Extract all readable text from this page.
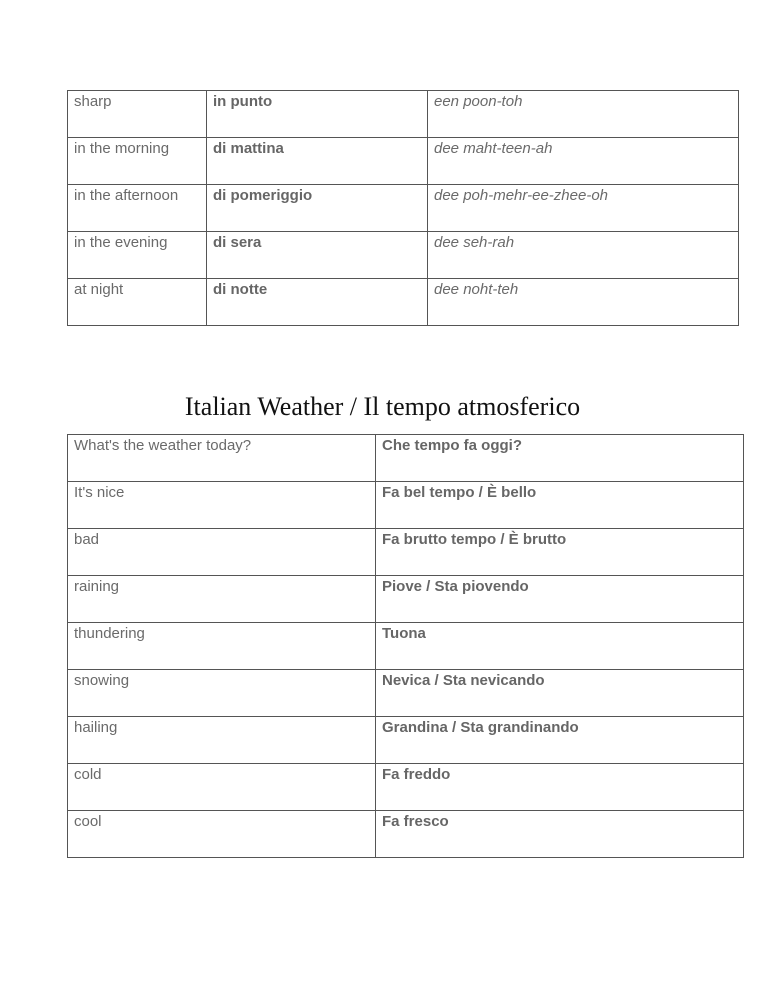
sharp	in punto	een poon-toh
in the morning	di mattina	dee maht-teen-ah
in the afternoon	di pomeriggio	dee poh-mehr-ee-zhee-oh
in the evening	di sera	dee seh-rah
at night	di notte	dee noht-teh
Italian Weather / Il tempo atmosferico
What's the weather today?	Che tempo fa oggi?
It's nice	Fa bel tempo / È bello
bad	Fa brutto tempo / È brutto
raining	Piove / Sta piovendo
thundering	Tuona
snowing	Nevica / Sta nevicando
hailing	Grandina / Sta grandinando
cold	Fa freddo
cool	Fa fresco
